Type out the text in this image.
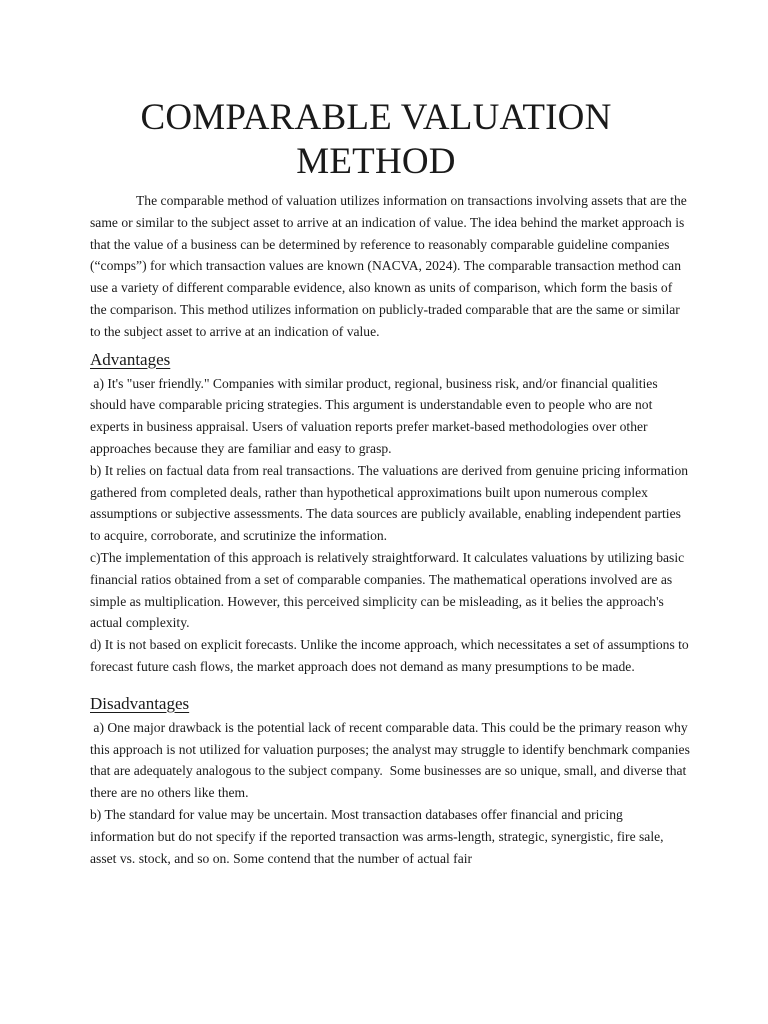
COMPARABLE VALUATION METHOD

The comparable method of valuation utilizes information on transactions involving assets that are the same or similar to the subject asset to arrive at an indication of value. The idea behind the market approach is that the value of a business can be determined by reference to reasonably comparable guideline companies (“comps”) for which transaction values are known (NACVA, 2024). The comparable transaction method can use a variety of different comparable evidence, also known as units of comparison, which form the basis of the comparison. This method utilizes information on publicly-traded comparable that are the same or similar to the subject asset to arrive at an indication of value.

Advantages

a) It's "user friendly." Companies with similar product, regional, business risk, and/or financial qualities should have comparable pricing strategies. This argument is understandable even to people who are not experts in business appraisal. Users of valuation reports prefer market-based methodologies over other approaches because they are familiar and easy to grasp.

b) It relies on factual data from real transactions. The valuations are derived from genuine pricing information gathered from completed deals, rather than hypothetical approximations built upon numerous complex assumptions or subjective assessments. The data sources are publicly available, enabling independent parties to acquire, corroborate, and scrutinize the information.

c)The implementation of this approach is relatively straightforward. It calculates valuations by utilizing basic financial ratios obtained from a set of comparable companies. The mathematical operations involved are as simple as multiplication. However, this perceived simplicity can be misleading, as it belies the approach's actual complexity.

d) It is not based on explicit forecasts. Unlike the income approach, which necessitates a set of assumptions to forecast future cash flows, the market approach does not demand as many presumptions to be made.

Disadvantages

a) One major drawback is the potential lack of recent comparable data. This could be the primary reason why this approach is not utilized for valuation purposes; the analyst may struggle to identify benchmark companies that are adequately analogous to the subject company.  Some businesses are so unique, small, and diverse that there are no others like them.

b) The standard for value may be uncertain. Most transaction databases offer financial and pricing information but do not specify if the reported transaction was arms-length, strategic, synergistic, fire sale, asset vs. stock, and so on. Some contend that the number of actual fair
